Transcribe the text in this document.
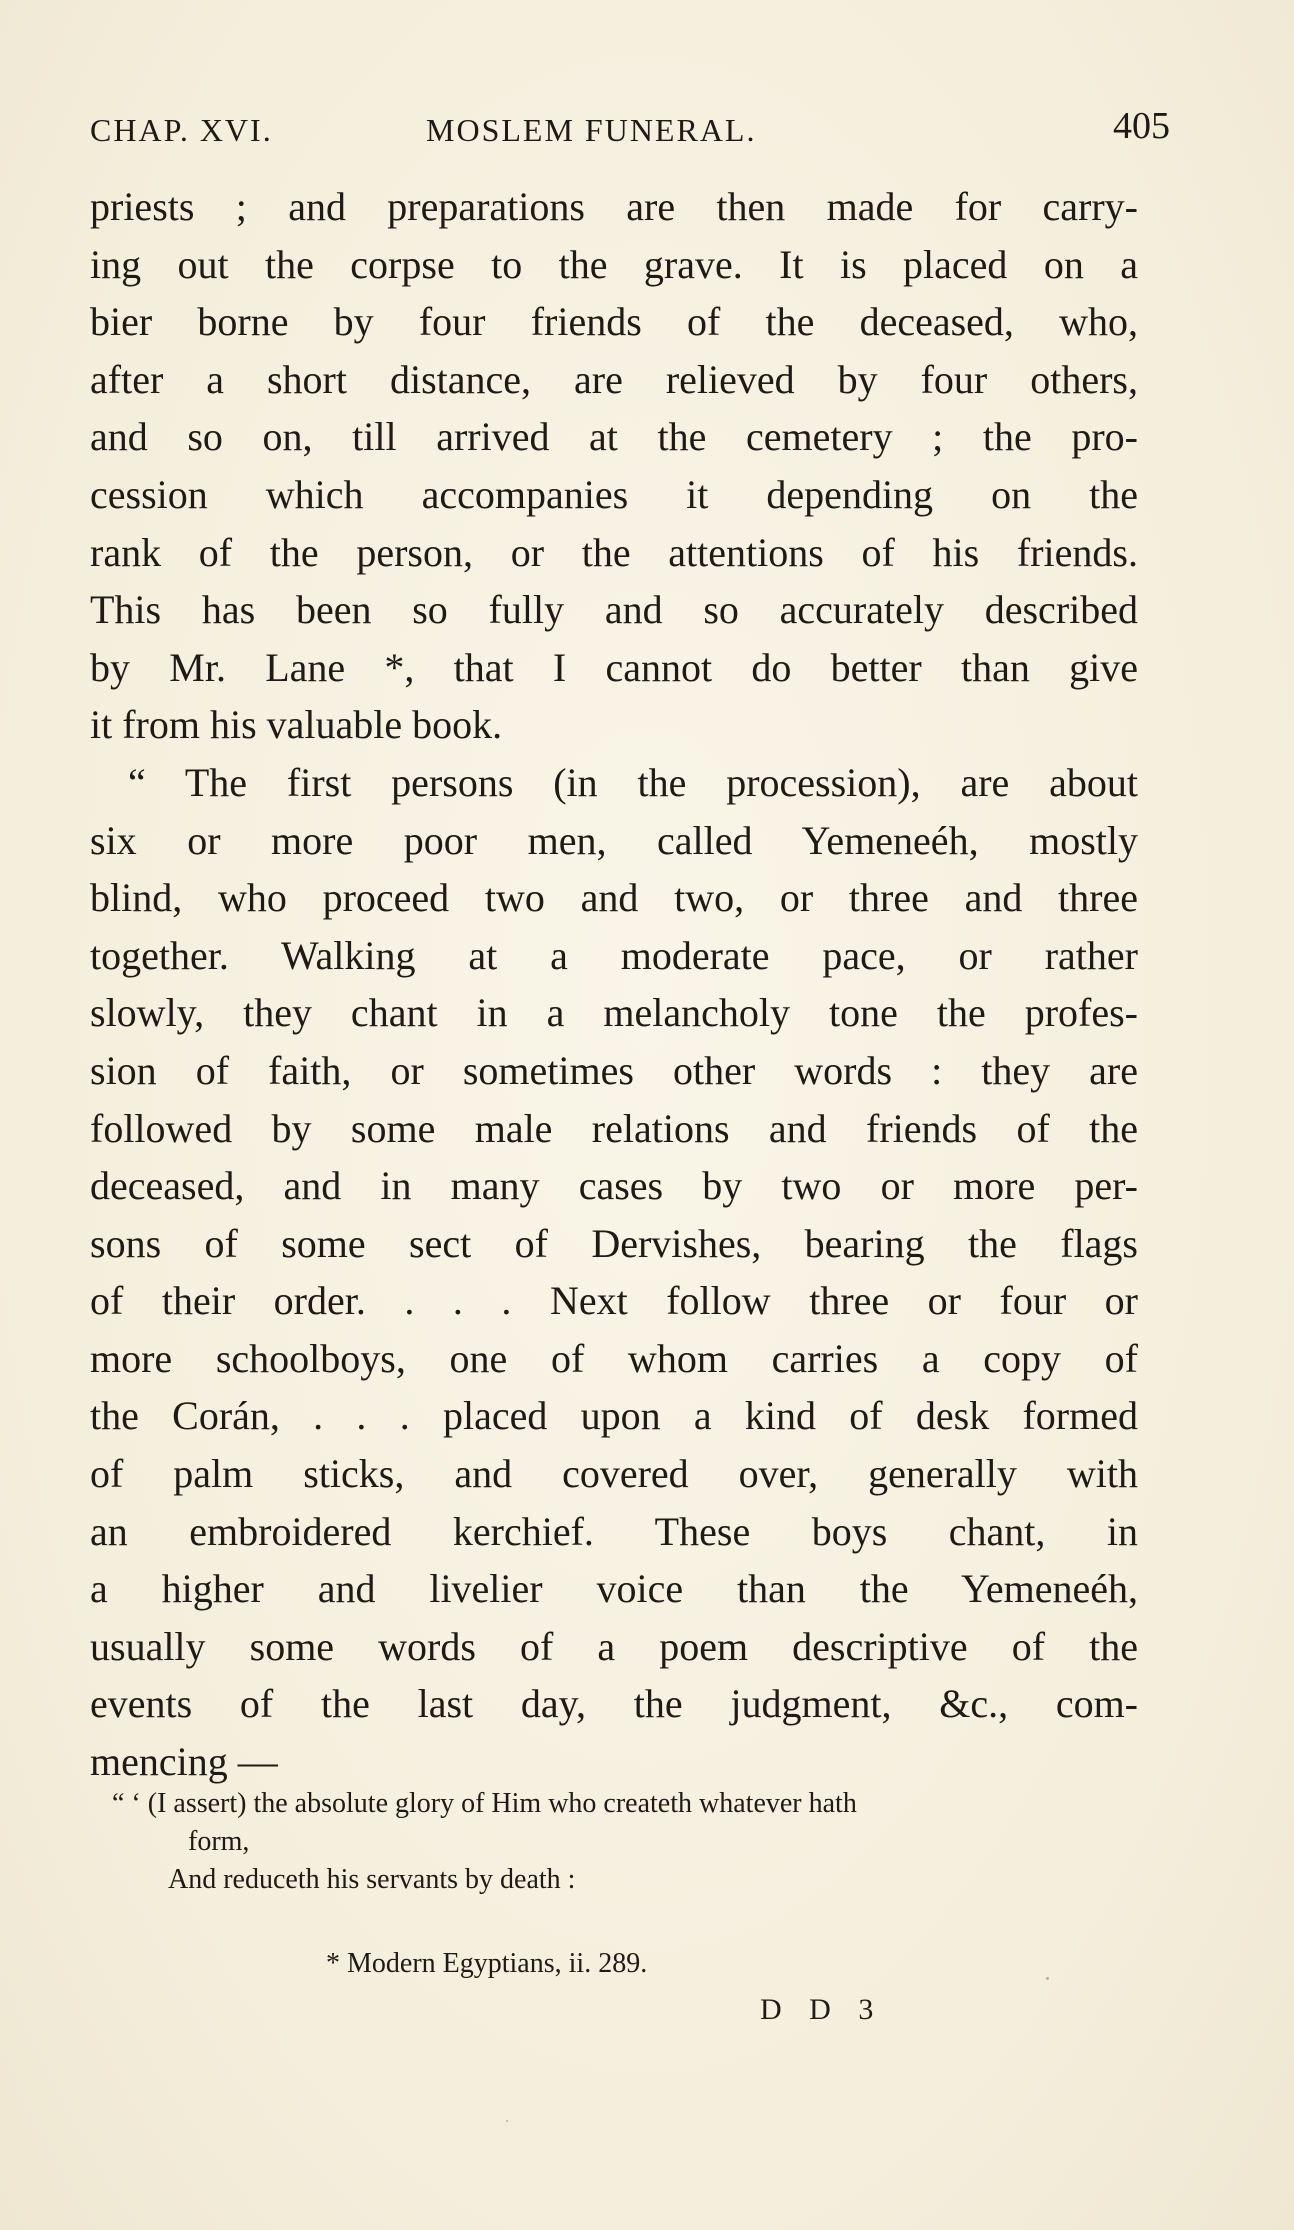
CHAP. XVI.	MOSLEM FUNERAL.	405
priests ; and preparations are then made for carry-
ing out the corpse to the grave. It is placed on a
bier borne by four friends of the deceased, who,
after a short distance, are relieved by four others,
and so on, till arrived at the cemetery ; the pro-
cession which accompanies it depending on the
rank of the person, or the attentions of his friends.
This has been so fully and so accurately described
by Mr. Lane *, that I cannot do better than give
it from his valuable book.
“ The first persons (in the procession), are about
six or more poor men, called Yemeneéh, mostly
blind, who proceed two and two, or three and three
together. Walking at a moderate pace, or rather
slowly, they chant in a melancholy tone the profes-
sion of faith, or sometimes other words : they are
followed by some male relations and friends of the
deceased, and in many cases by two or more per-
sons of some sect of Dervishes, bearing the flags
of their order. . . . Next follow three or four or
more schoolboys, one of whom carries a copy of
the Corán, . . . placed upon a kind of desk formed
of palm sticks, and covered over, generally with
an embroidered kerchief. These boys chant, in
a higher and livelier voice than the Yemeneéh,
usually some words of a poem descriptive of the
events of the last day, the judgment, &c., com-
mencing —
“ ‘ (I assert) the absolute glory of Him who createth whatever hath
form,
And reduceth his servants by death :
* Modern Egyptians, ii. 289.
D D 3
